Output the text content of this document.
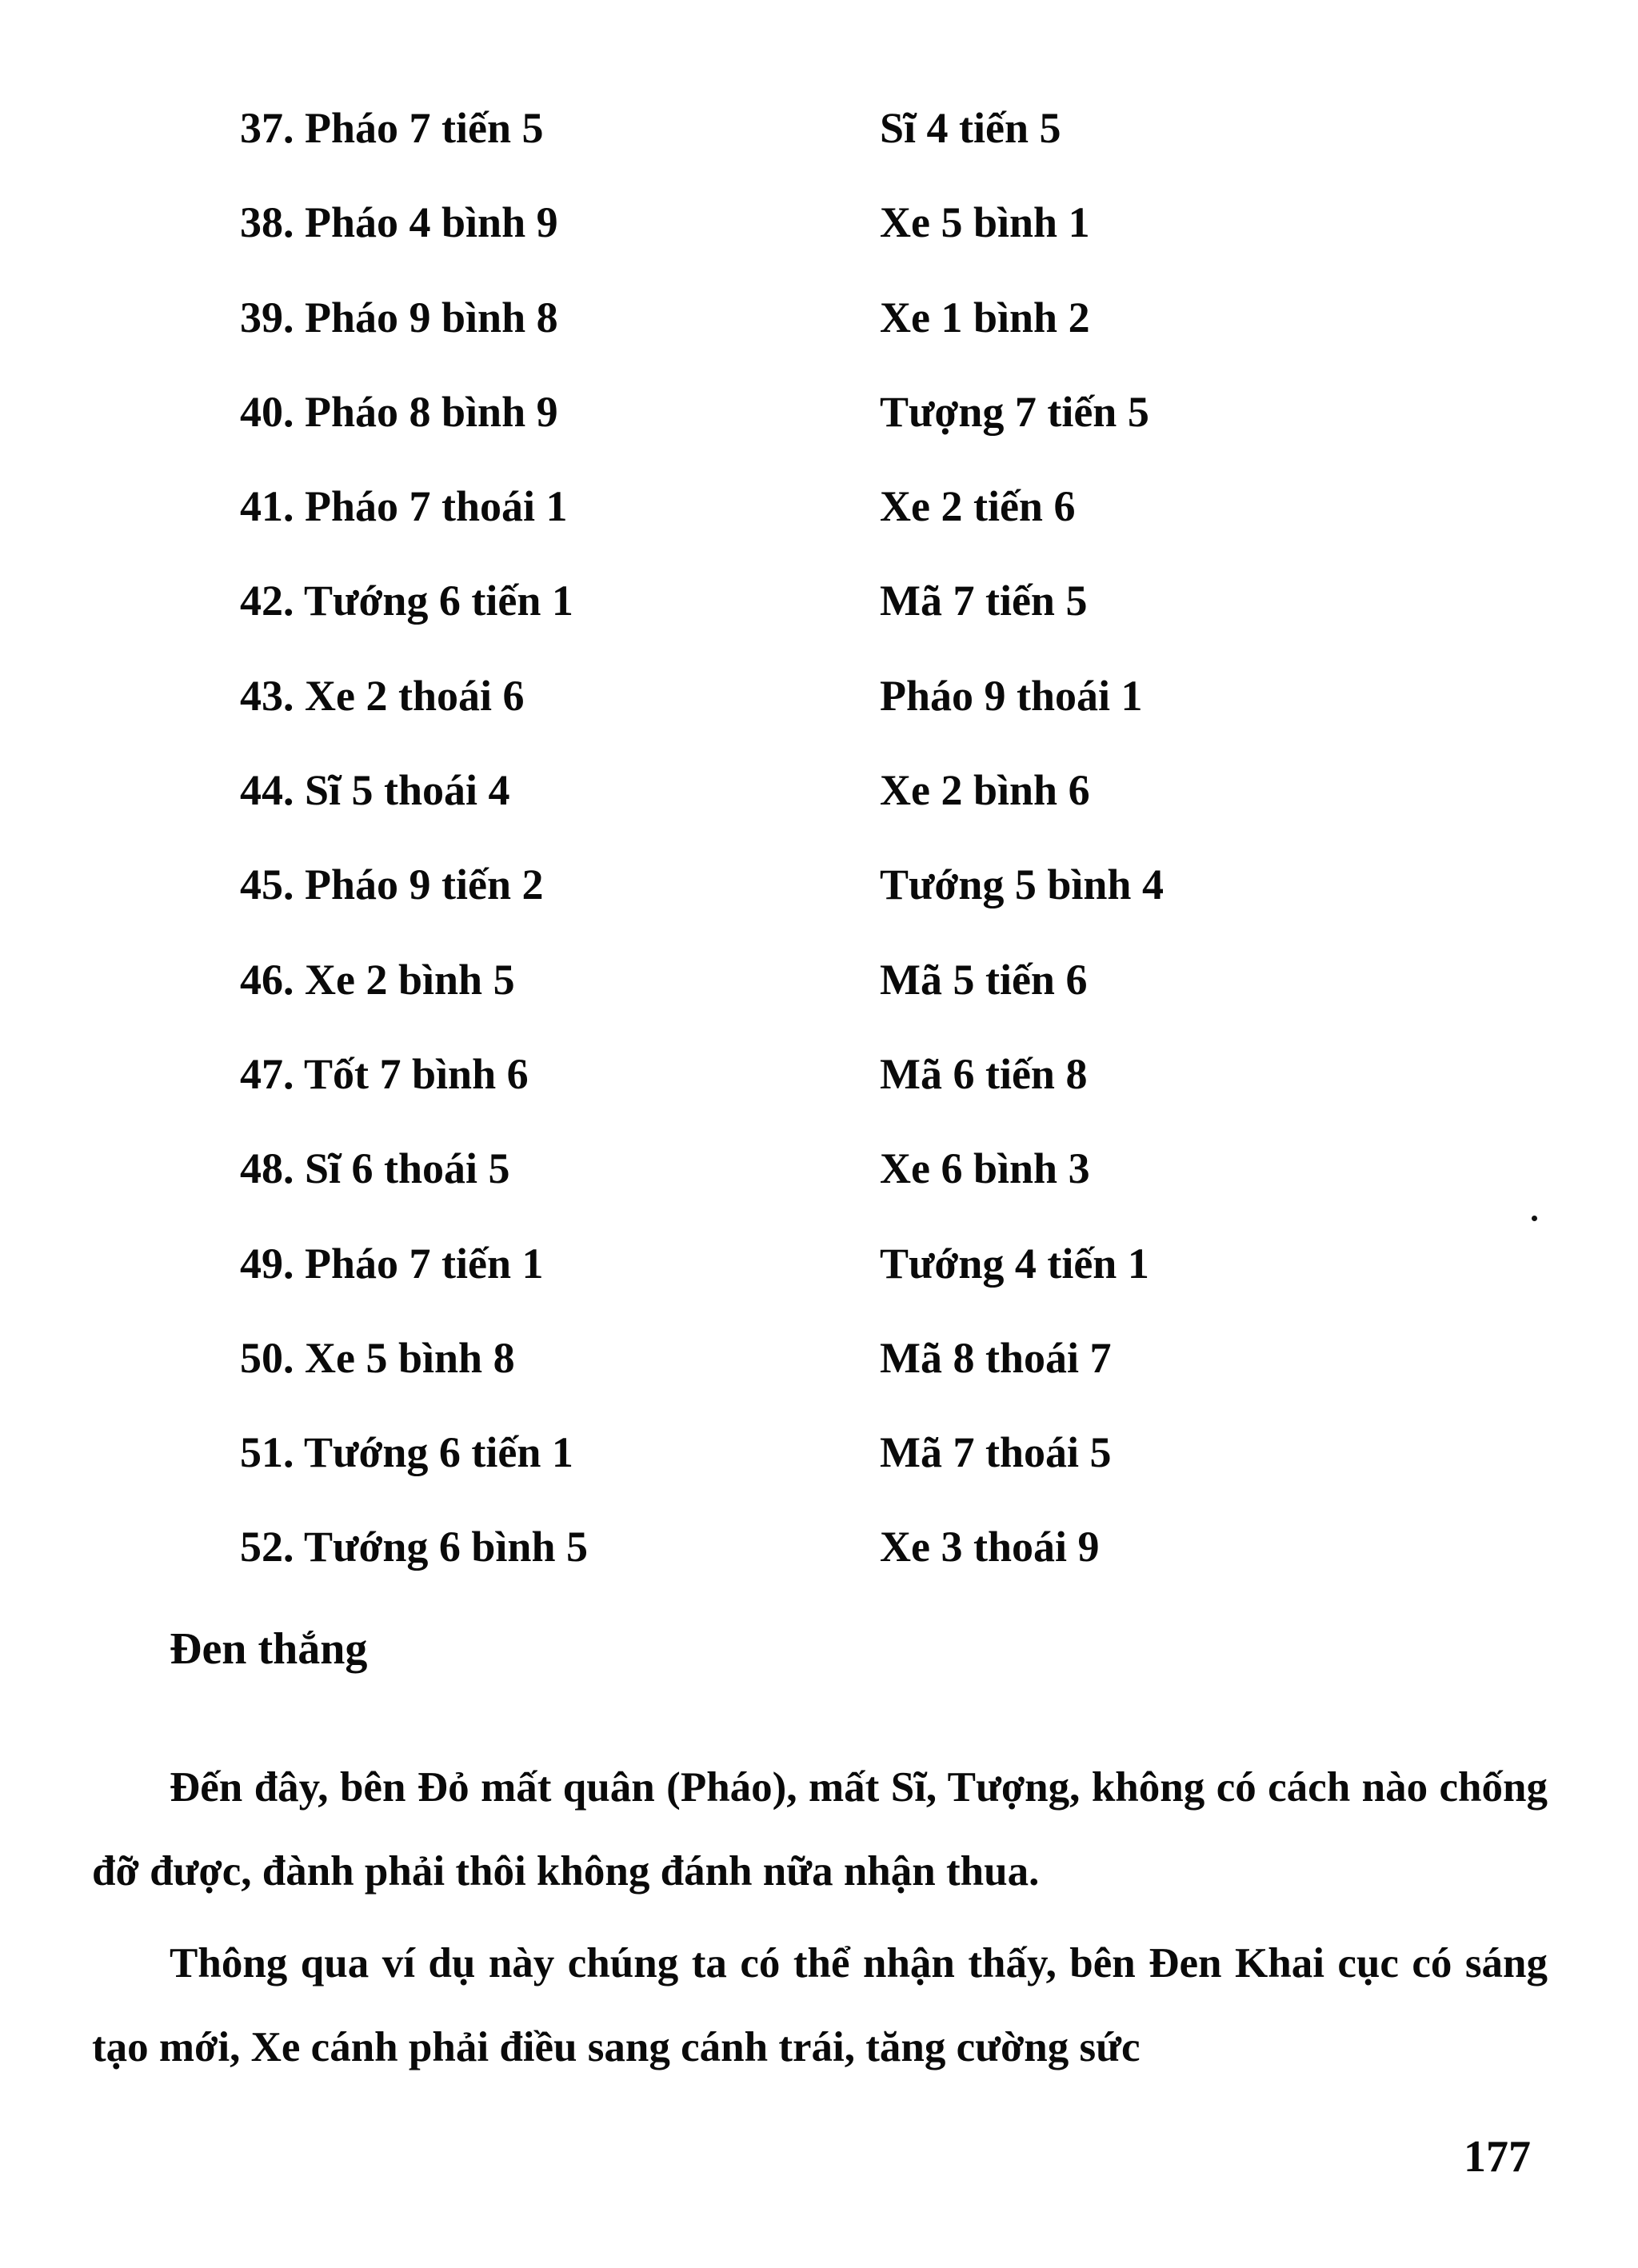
37. Pháo 7 tiến 5	Sĩ 4 tiến 5
38. Pháo 4 bình 9	Xe 5 bình 1
39. Pháo 9 bình 8	Xe 1 bình 2
40. Pháo 8 bình 9	Tượng 7 tiến 5
41. Pháo 7 thoái 1	Xe 2 tiến 6
42. Tướng 6 tiến 1	Mã 7 tiến 5
43. Xe 2 thoái 6	Pháo 9 thoái 1
44. Sĩ 5 thoái 4	Xe 2 bình 6
45. Pháo 9 tiến 2	Tướng 5 bình 4
46. Xe 2 bình 5	Mã 5 tiến 6
47. Tốt 7 bình 6	Mã 6 tiến 8
48. Sĩ 6 thoái 5	Xe 6 bình 3
49. Pháo 7 tiến 1	Tướng 4 tiến 1
50. Xe 5 bình 8	Mã 8 thoái 7
51. Tướng 6 tiến 1	Mã 7 thoái 5
52. Tướng 6 bình 5	Xe 3 thoái 9
Đen thắng

Đến đây, bên Đỏ mất quân (Pháo), mất Sĩ, Tượng, không có cách nào chống đỡ được, đành phải thôi không đánh nữa nhận thua.

Thông qua ví dụ này chúng ta có thể nhận thấy, bên Đen Khai cục có sáng tạo mới, Xe cánh phải điều sang cánh trái, tăng cường sức

177
